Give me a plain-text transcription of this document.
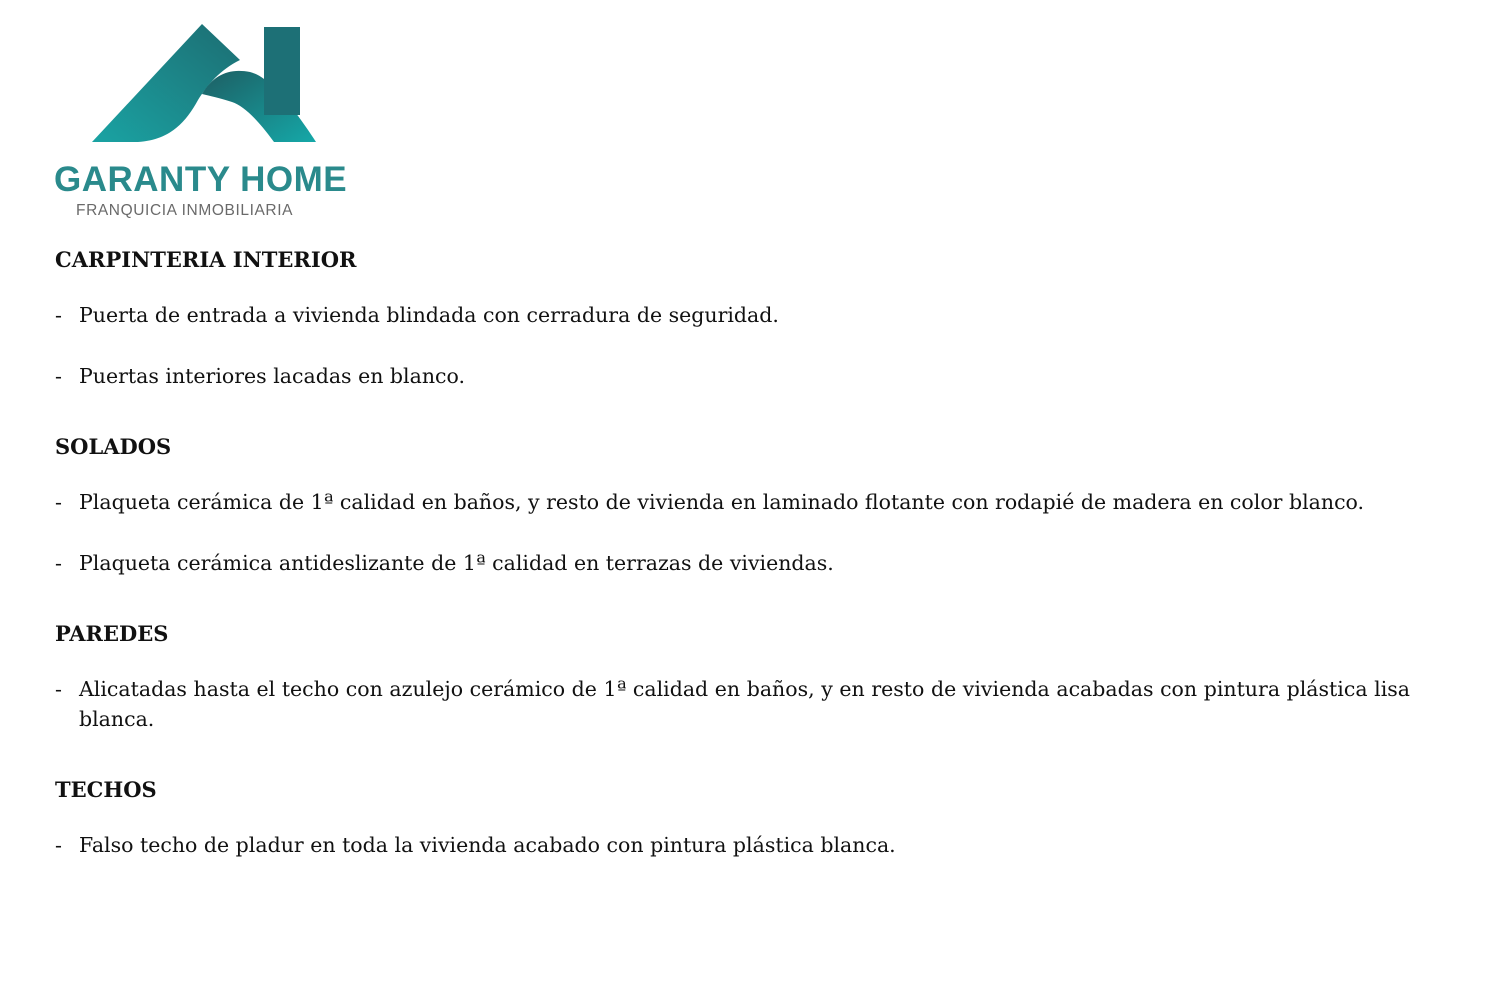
GARANTY HOME
FRANQUICIA INMOBILIARIA
CARPINTERIA INTERIOR
- Puerta de entrada a vivienda blindada con cerradura de seguridad.
- Puertas interiores lacadas en blanco.
SOLADOS
- Plaqueta cerámica de 1ª calidad en baños, y resto de vivienda en laminado flotante con rodapié de madera en color blanco.
- Plaqueta cerámica antideslizante de 1ª calidad en terrazas de viviendas.
PAREDES
- Alicatadas hasta el techo con azulejo cerámico de 1ª calidad en baños, y en resto de vivienda acabadas con pintura plástica lisa blanca.
TECHOS
- Falso techo de pladur en toda la vivienda acabado con pintura plástica blanca.
